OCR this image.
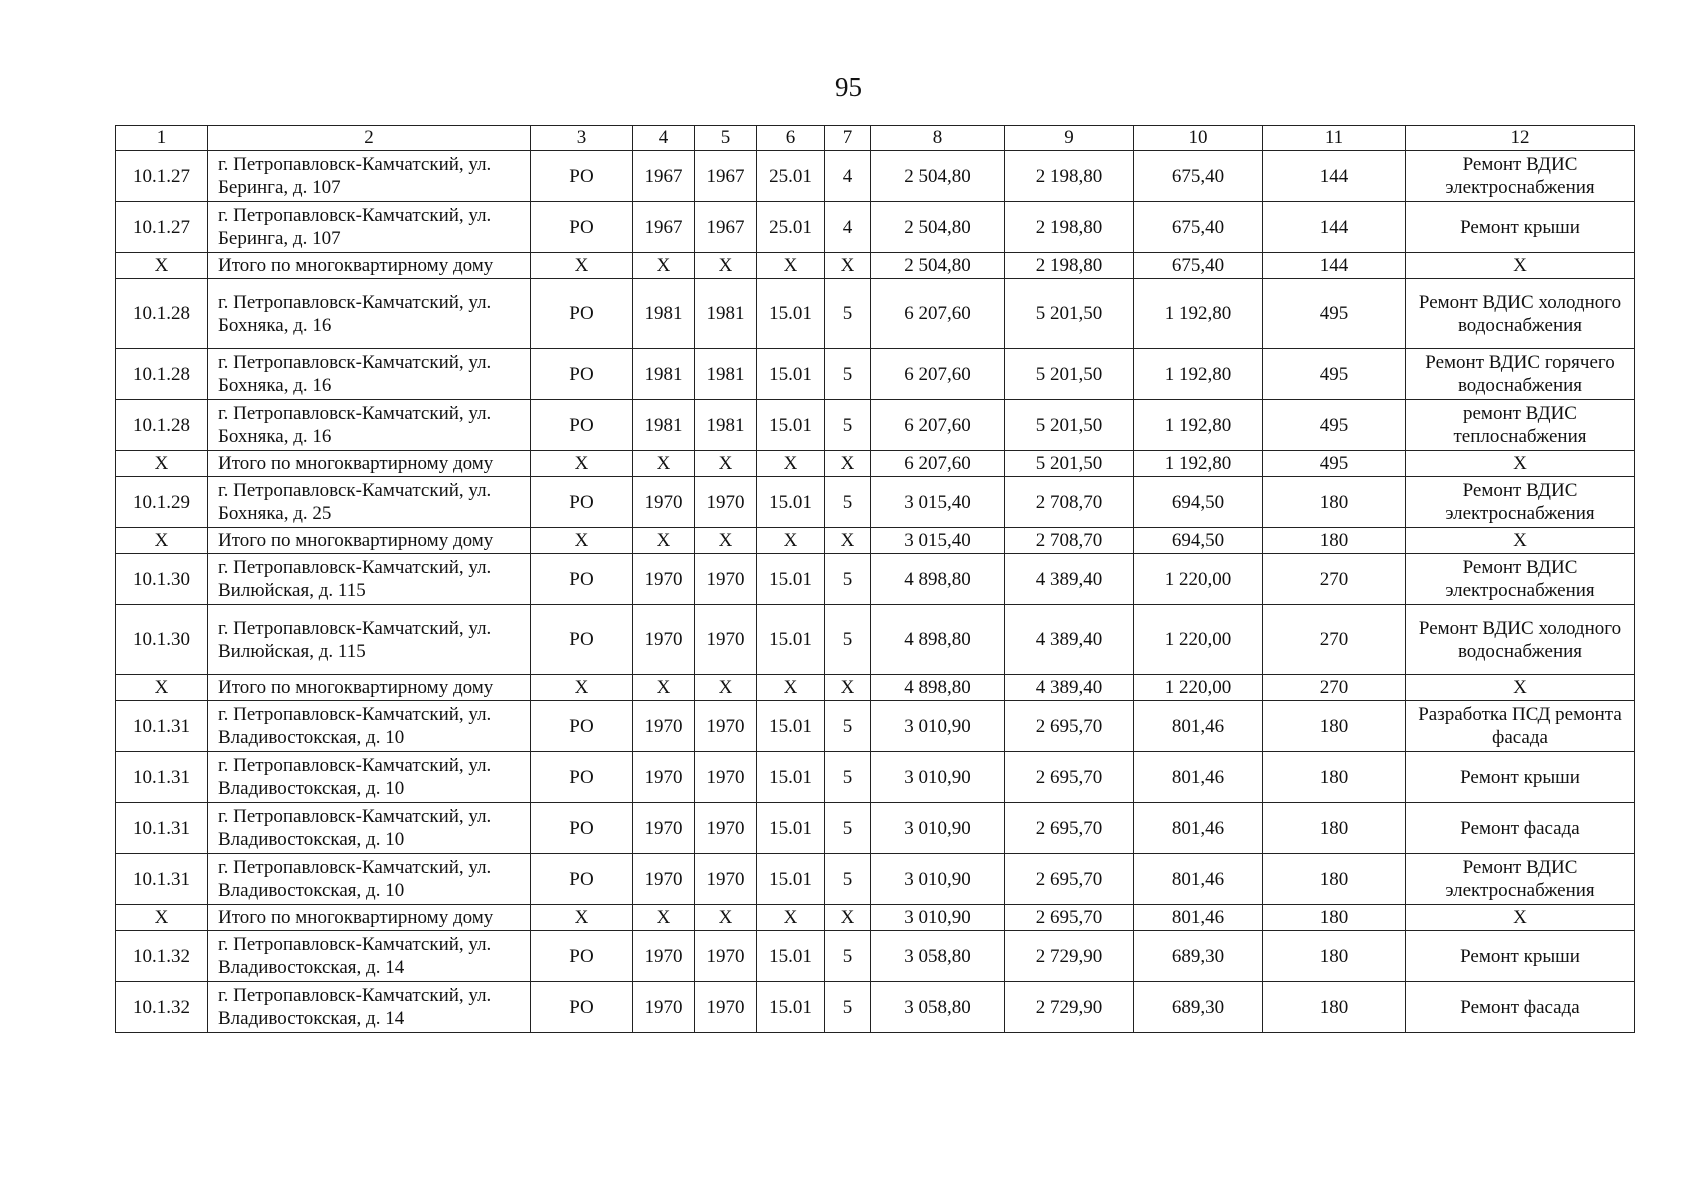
95
1	2	3	4	5	6	7	8	9	10	11	12
10.1.27	г. Петропавловск-Камчатский, ул. Беринга, д. 107	РО	1967	1967	25.01	4	2 504,80	2 198,80	675,40	144	Ремонт ВДИС электроснабжения
10.1.27	г. Петропавловск-Камчатский, ул. Беринга, д. 107	РО	1967	1967	25.01	4	2 504,80	2 198,80	675,40	144	Ремонт крыши
Х	Итого по многоквартирному дому	Х	Х	Х	Х	Х	2 504,80	2 198,80	675,40	144	Х
10.1.28	г. Петропавловск-Камчатский, ул. Бохняка, д. 16	РО	1981	1981	15.01	5	6 207,60	5 201,50	1 192,80	495	Ремонт ВДИС холодного водоснабжения
10.1.28	г. Петропавловск-Камчатский, ул. Бохняка, д. 16	РО	1981	1981	15.01	5	6 207,60	5 201,50	1 192,80	495	Ремонт ВДИС горячего водоснабжения
10.1.28	г. Петропавловск-Камчатский, ул. Бохняка, д. 16	РО	1981	1981	15.01	5	6 207,60	5 201,50	1 192,80	495	ремонт ВДИС теплоснабжения
Х	Итого по многоквартирному дому	Х	Х	Х	Х	Х	6 207,60	5 201,50	1 192,80	495	Х
10.1.29	г. Петропавловск-Камчатский, ул. Бохняка, д. 25	РО	1970	1970	15.01	5	3 015,40	2 708,70	694,50	180	Ремонт ВДИС электроснабжения
Х	Итого по многоквартирному дому	Х	Х	Х	Х	Х	3 015,40	2 708,70	694,50	180	Х
10.1.30	г. Петропавловск-Камчатский, ул. Вилюйская, д. 115	РО	1970	1970	15.01	5	4 898,80	4 389,40	1 220,00	270	Ремонт ВДИС электроснабжения
10.1.30	г. Петропавловск-Камчатский, ул. Вилюйская, д. 115	РО	1970	1970	15.01	5	4 898,80	4 389,40	1 220,00	270	Ремонт ВДИС холодного водоснабжения
Х	Итого по многоквартирному дому	Х	Х	Х	Х	Х	4 898,80	4 389,40	1 220,00	270	Х
10.1.31	г. Петропавловск-Камчатский, ул. Владивостокская, д. 10	РО	1970	1970	15.01	5	3 010,90	2 695,70	801,46	180	Разработка ПСД ремонта фасада
10.1.31	г. Петропавловск-Камчатский, ул. Владивостокская, д. 10	РО	1970	1970	15.01	5	3 010,90	2 695,70	801,46	180	Ремонт крыши
10.1.31	г. Петропавловск-Камчатский, ул. Владивостокская, д. 10	РО	1970	1970	15.01	5	3 010,90	2 695,70	801,46	180	Ремонт фасада
10.1.31	г. Петропавловск-Камчатский, ул. Владивостокская, д. 10	РО	1970	1970	15.01	5	3 010,90	2 695,70	801,46	180	Ремонт ВДИС электроснабжения
Х	Итого по многоквартирному дому	Х	Х	Х	Х	Х	3 010,90	2 695,70	801,46	180	Х
10.1.32	г. Петропавловск-Камчатский, ул. Владивостокская, д. 14	РО	1970	1970	15.01	5	3 058,80	2 729,90	689,30	180	Ремонт крыши
10.1.32	г. Петропавловск-Камчатский, ул. Владивостокская, д. 14	РО	1970	1970	15.01	5	3 058,80	2 729,90	689,30	180	Ремонт фасада
